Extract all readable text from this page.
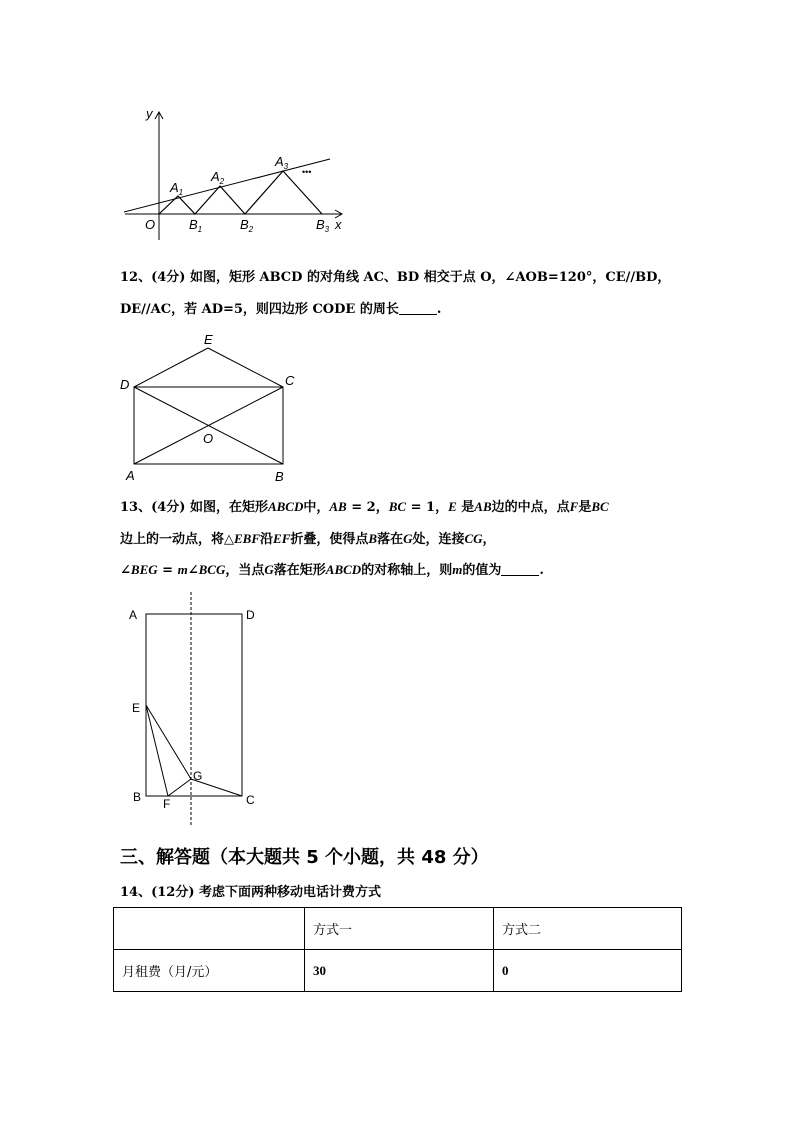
y
x
O
$A_1$
$A_2$
$A_3$
•••
$B_1$	$B_2$	$B_3$
12、(4分) 如图，矩形 ABCD 的对角线 AC、BD 相交于点 O，∠AOB=120°，CE//BD，
DE//AC，若 AD=5，则四边形 CODE 的周长	.
E
D	C
O
A	B
13、(4分) 如图，在矩形ABCD中，AB = 2，BC = 1，E 是AB边的中点，点F是BC
边上的一动点，将△EBF沿EF折叠，使得点B落在G处，连接CG，
∠BEG = m∠BCG，当点G落在矩形ABCD的对称轴上，则m的值为	.
A	D
E
G
B F	C
三、解答题（本大题共 5 个小题，共 48 分）
14、(12分) 考虑下面两种移动电话计费方式
	方式一	方式二
月租费（月/元）	30	0
